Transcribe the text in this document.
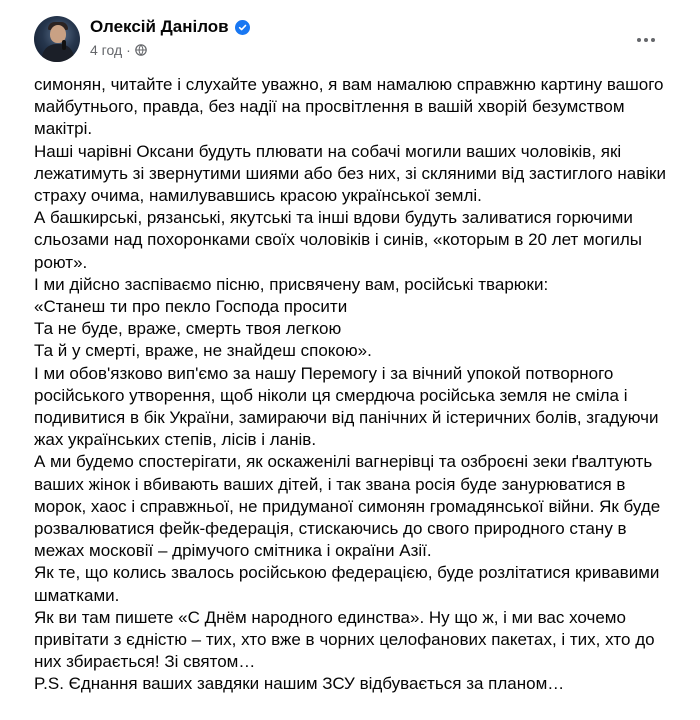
Олексій Данілов
4 год ·

симонян, читайте і слухайте уважно, я вам намалюю справжню картину вашого майбутнього, правда, без надії на просвітлення в вашій хворій безумством макітрі.

Наші чарівні Оксани будуть плювати на собачі могили ваших чоловіків, які лежатимуть зі звернутими шиями або без них, зі скляними від застиглого навіки страху очима, намилувавшись красою української землі.

А башкирські, рязанські, якутські та інші вдови будуть заливатися горючими сльозами над похоронками своїх чоловіків і синів, «которым в 20 лет могилы роют».

І ми дійсно заспіваємо пісню, присвячену вам, російські тварюки:

«Станеш ти про пекло Господа просити

Та не буде, враже, смерть твоя легкою

Та й у смерті, враже, не знайдеш спокою».

І ми обов'язково вип'ємо за нашу Перемогу і за вічний упокой потворного російського утворення, щоб ніколи ця смердюча російська земля не сміла і подивитися в бік України, замираючи від панічних й істеричних болів, згадуючи жах українських степів, лісів і ланів.

А ми будемо спостерігати, як оскаженілі вагнерівці та озброєні зеки ґвалтують ваших жінок і вбивають ваших дітей, і так звана росія буде занурюватися в морок, хаос і справжньої, не придуманої симонян громадянської війни. Як буде розвалюватися фейк-федерація, стискаючись до свого природного стану в межах московії – дрімучого смітника і окраїни Азії.

Як те, що колись звалось російською федерацією, буде розлітатися кривавими шматками.

Як ви там пишете «С Днём народного единства». Ну що ж, і ми вас хочемо привітати з єдністю – тих, хто вже в чорних целофанових пакетах, і тих, хто до них збирається! Зі святом…

P.S. Єднання ваших завдяки нашим ЗСУ відбувається за планом…
